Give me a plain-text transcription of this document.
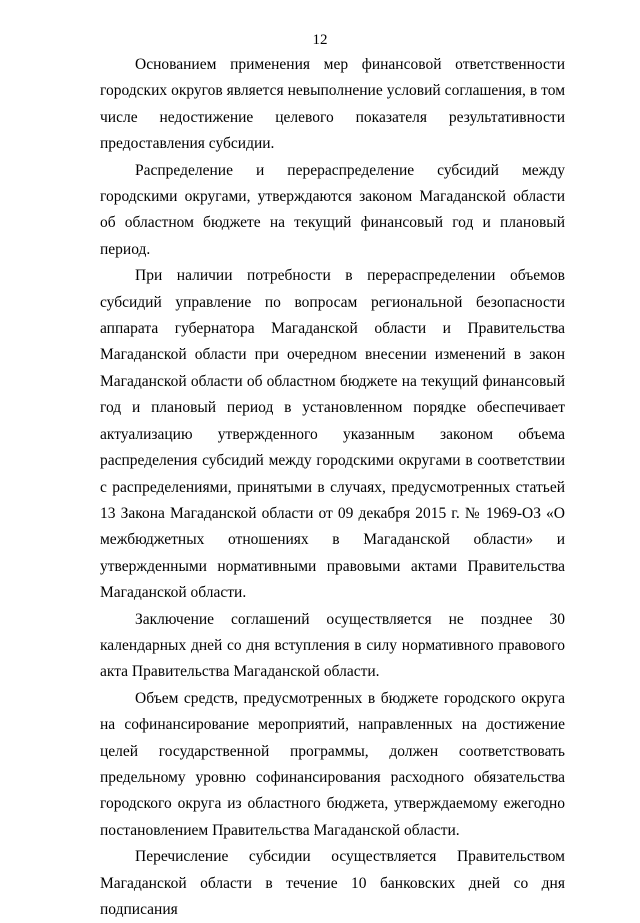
12

Основанием применения мер финансовой ответственности городских округов является невыполнение условий соглашения, в том числе недостижение целевого показателя результативности предоставления субсидии.

Распределение и перераспределение субсидий между городскими округами, утверждаются законом Магаданской области об областном бюджете на текущий финансовый год и плановый период.

При наличии потребности в перераспределении объемов субсидий управление по вопросам региональной безопасности аппарата губернатора Магаданской области и Правительства Магаданской области при очередном внесении изменений в закон Магаданской области об областном бюджете на текущий финансовый год и плановый период в установленном порядке обеспечивает актуализацию утвержденного указанным законом объема распределения субсидий между городскими округами в соответствии с распределениями, принятыми в случаях, предусмотренных статьей 13 Закона Магаданской области от 09 декабря 2015 г. № 1969-ОЗ «О межбюджетных отношениях в Магаданской области» и утвержденными нормативными правовыми актами Правительства Магаданской области.

Заключение соглашений осуществляется не позднее 30 календарных дней со дня вступления в силу нормативного правового акта Правительства Магаданской области.

Объем средств, предусмотренных в бюджете городского округа на софинансирование мероприятий, направленных на достижение целей государственной программы, должен соответствовать предельному уровню софинансирования расходного обязательства городского округа из областного бюджета, утверждаемому ежегодно постановлением Правительства Магаданской области.

Перечисление субсидии осуществляется Правительством Магаданской области в течение 10 банковских дней со дня подписания
